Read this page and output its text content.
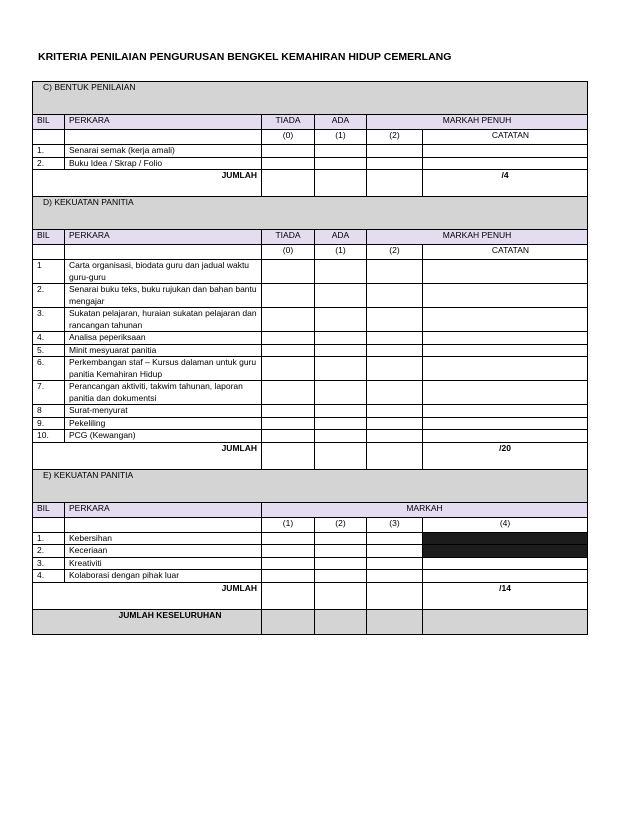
KRITERIA PENILAIAN PENGURUSAN BENGKEL KEMAHIRAN HIDUP CEMERLANG
C) BENTUK PENILAIAN					
BIL	PERKARA	TIADA	ADA	MARKAH PENUH	
		(0)	(1)	(2)	CATATAN
1.	Senarai semak (kerja amali)				
2.	Buku Idea / Skrap / Folio				
JUMLAH					/4
D) KEKUATAN PANITIA					
BIL	PERKARA	TIADA	ADA	MARKAH PENUH	
		(0)	(1)	(2)	CATATAN
1	Carta organisasi, biodata guru dan jadual waktu guru-guru				
2.	Senarai buku teks, buku rujukan dan bahan bantu mengajar				
3.	Sukatan pelajaran, huraian sukatan pelajaran dan rancangan tahunan				
4.	Analisa peperiksaan				
5.	Minit mesyuarat panitia				
6.	Perkembangan staf – Kursus dalaman untuk guru panitia Kemahiran Hidup				
7.	Perancangan aktiviti, takwim tahunan, laporan panitia dan dokumentsi				
8	Surat-menyurat				
9.	Pekeliling				
10.	PCG (Kewangan)				
JUMLAH					/20
E) KEKUATAN PANITIA					
BIL	PERKARA	MARKAH			
		(1)	(2)	(3)	(4)
1.	Kebersihan				
2.	Keceriaan				
3.	Kreativiti				
4.	Kolaborasi dengan pihak luar				
JUMLAH					/14
JUMLAH KESELURUHAN					
